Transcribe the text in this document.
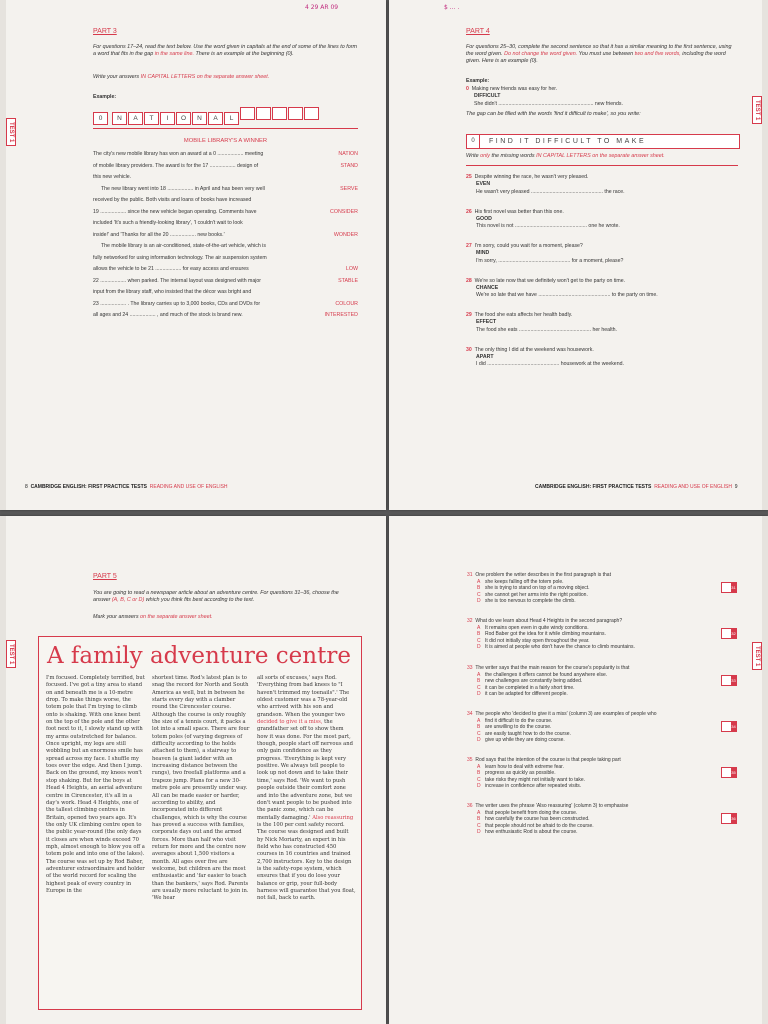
4 29 AR 09
TEST 1
PART 3
For questions 17–24, read the text below. Use the word given in capitals at the end of some of the lines to form a word that fits in the gap in the same line. There is an example at the beginning (0).
Write your answers IN CAPITAL LETTERS on the separate answer sheet.
Example:
0 N A T I O N A L
MOBILE LIBRARY'S A WINNER
The city's new mobile library has won an award at a 0 .................. meeting	NATION
of mobile library providers. The award is for the 17 .................. design of	STAND
this new vehicle.
The new library went into 18 .................. in April and has been very well	SERVE
received by the public. Both visits and loans of books have increased
19 .................. since the new vehicle began operating. Comments have	CONSIDER
included 'It's such a friendly-looking library', 'I couldn't wait to look
inside!' and 'Thanks for all the 20 .................. new books.'	WONDER
The mobile library is an air-conditioned, state-of-the-art vehicle, which is
fully networked for using information technology. The air suspension system
allows the vehicle to be 21 .................. for easy access and ensures	LOW
22 .................. when parked. The internal layout was designed with major	STABLE
input from the library staff, who insisted that the décor was bright and
23 .................. . The library carries up to 3,000 books, CDs and DVDs for	COLOUR
all ages and 24 .................. , and much of the stock is brand new.	INTERESTED
8 CAMBRIDGE ENGLISH: FIRST PRACTICE TESTS READING AND USE OF ENGLISH
$ ... .
TEST 1
PART 4
For questions 25–30, complete the second sentence so that it has a similar meaning to the first sentence, using the word given. Do not change the word given. You must use between two and five words, including the word given. Here is an example (0).
Example:
0 Making new friends was easy for her.
DIFFICULT
She didn't .................................................................. new friends.
The gap can be filled with the words 'find it difficult to make', so you write:
0	FIND IT DIFFICULT TO MAKE
Write only the missing words IN CAPITAL LETTERS on the separate answer sheet.
25 Despite winning the race, he wasn't very pleased.
EVEN
He wasn't very pleased .................................................. the race.
26 His first novel was better than this one.
GOOD
This novel is not .................................................. one he wrote.
27 I'm sorry, could you wait for a moment, please?
MIND
I'm sorry, .................................................. for a moment, please?
28 We're so late now that we definitely won't get to the party on time.
CHANCE
We're so late that we have .................................................. to the party on time.
29 The food she eats affects her health badly.
EFFECT
The food she eats .................................................. her health.
30 The only thing I did at the weekend was housework.
APART
I did .................................................. housework at the weekend.
CAMBRIDGE ENGLISH: FIRST PRACTICE TESTS READING AND USE OF ENGLISH 9
TEST 1
PART 5
You are going to read a newspaper article about an adventure centre. For questions 31–36, choose the answer (A, B, C or D) which you think fits best according to the text.
Mark your answers on the separate answer sheet.
A family adventure centre
I'm focused. Completely terrified, but focused. I've got a tiny area to stand on and beneath me is a 10-metre drop. To make things worse, the totem pole that I'm trying to climb onto is shaking. With one knee bent on the top of the pole and the other foot next to it, I slowly stand up with my arms outstretched for balance. Once upright, my legs are still wobbling but an enormous smile has spread across my face. I shuffle my toes over the edge. And then I jump. Back on the ground, my knees won't stop shaking. But for the boys at Head 4 Heights, an aerial adventure centre in Cirencester, it's all in a day's work. Head 4 Heights, one of the tallest climbing centres in Britain, opened two years ago. It's the only UK climbing centre open to the public year-round (the only days it closes are when winds exceed 70 mph, almost enough to blow you off a totem pole and into one of the lakes). The course was set up by Rod Baber, adventurer extraordinaire and holder of the world record for scaling the highest peak of every country in Europe in the
shortest time. Rod's latest plan is to snag the record for North and South America as well, but in between he starts every day with a clamber round the Cirencester course. Although the course is only roughly the size of a tennis court, it packs a lot into a small space. There are four totem poles (of varying degrees of difficulty according to the holds attached to them), a stairway to heaven (a giant ladder with an increasing distance between the rungs), two freefall platforms and a trapeze jump. Plans for a new 30-metre pole are presently under way. All can be made easier or harder, according to ability, and incorporated into different challenges, which is why the course has proved a success with families, corporate days out and the armed forces. More than half who visit return for more and the centre now averages about 1,500 visitors a month. All ages over five are welcome, but children are the most enthusiastic and 'far easier to teach than the bankers,' says Rod. Parents are usually more reluctant to join in. 'We hear
all sorts of excuses,' says Rod. 'Everything from bad knees to "I haven't trimmed my toenails".' The oldest customer was a 78-year-old who arrived with his son and grandson. When the younger two decided to give it a miss, the grandfather set off to show them how it was done. For the most part, though, people start off nervous and only gain confidence as they progress. 'Everything is kept very positive. We always tell people to look up not down and to take their time,' says Rod. 'We want to push people outside their comfort zone and into the adventure zone, but we don't want people to be pushed into the panic zone, which can be mentally damaging.' Also reassuring is the 100 per cent safety record. The course was designed and built by Nick Moriarty, an expert in his field who has constructed 450 courses in 16 countries and trained 2,700 instructors. Key to the design is the safety-rope system, which ensures that if you do lose your balance or grip, your full-body harness will guarantee that you float, not fall, back to earth.
TEST 1
31 One problem the writer describes in the first paragraph is that
A she keeps falling off the totem pole.
B she is trying to stand on top of a moving object.
C she cannot get her arms into the right position.
D she is too nervous to complete the climb.
31
32 What do we learn about Head 4 Heights in the second paragraph?
A It remains open even in quite windy conditions.
B Rod Baber got the idea for it while climbing mountains.
C It did not initially stay open throughout the year.
D It is aimed at people who don't have the chance to climb mountains.
32
33 The writer says that the main reason for the course's popularity is that
A the challenges it offers cannot be found anywhere else.
B new challenges are constantly being added.
C it can be completed in a fairly short time.
D it can be adapted for different people.
33
34 The people who 'decided to give it a miss' (column 3) are examples of people who
A find it difficult to do the course.
B are unwilling to do the course.
C are easily taught how to do the course.
D give up while they are doing course.
34
35 Rod says that the intention of the course is that people taking part
A learn how to deal with extreme fear.
B progress as quickly as possible.
C take risks they might not initially want to take.
D increase in confidence after repeated visits.
35
36 The writer uses the phrase 'Also reassuring' (column 3) to emphasise
A that people benefit from doing the course.
B how carefully the course has been constructed.
C that people should not be afraid to do the course.
D how enthusiastic Rod is about the course.
36
